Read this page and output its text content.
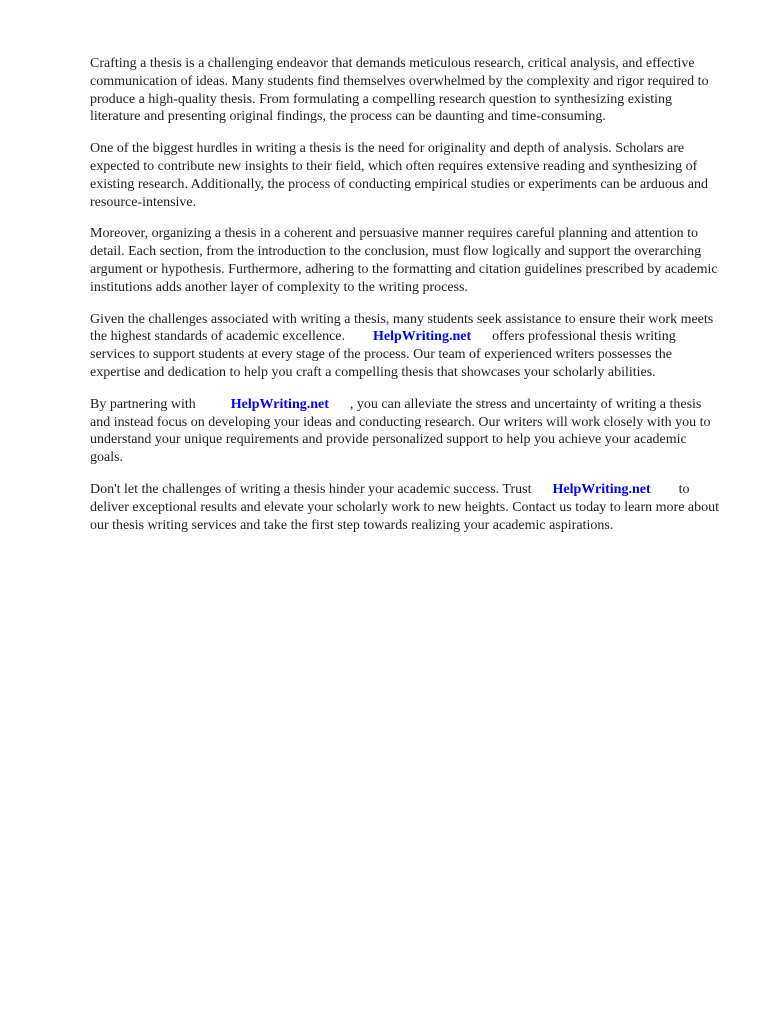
Crafting a thesis is a challenging endeavor that demands meticulous research, critical analysis, and effective communication of ideas. Many students find themselves overwhelmed by the complexity and rigor required to produce a high-quality thesis. From formulating a compelling research question to synthesizing existing literature and presenting original findings, the process can be daunting and time-consuming.

One of the biggest hurdles in writing a thesis is the need for originality and depth of analysis. Scholars are expected to contribute new insights to their field, which often requires extensive reading and synthesizing of existing research. Additionally, the process of conducting empirical studies or experiments can be arduous and resource-intensive.

Moreover, organizing a thesis in a coherent and persuasive manner requires careful planning and attention to detail. Each section, from the introduction to the conclusion, must flow logically and support the overarching argument or hypothesis. Furthermore, adhering to the formatting and citation guidelines prescribed by academic institutions adds another layer of complexity to the writing process.

Given the challenges associated with writing a thesis, many students seek assistance to ensure their work meets the highest standards of academic excellence.        HelpWriting.net      offers professional thesis writing services to support students at every stage of the process. Our team of experienced writers possesses the expertise and dedication to help you craft a compelling thesis that showcases your scholarly abilities.

By partnering with          HelpWriting.net      , you can alleviate the stress and uncertainty of writing a thesis and instead focus on developing your ideas and conducting research. Our writers will work closely with you to understand your unique requirements and provide personalized support to help you achieve your academic goals.

Don't let the challenges of writing a thesis hinder your academic success. Trust      HelpWriting.net        to deliver exceptional results and elevate your scholarly work to new heights. Contact us today to learn more about our thesis writing services and take the first step towards realizing your academic aspirations.
